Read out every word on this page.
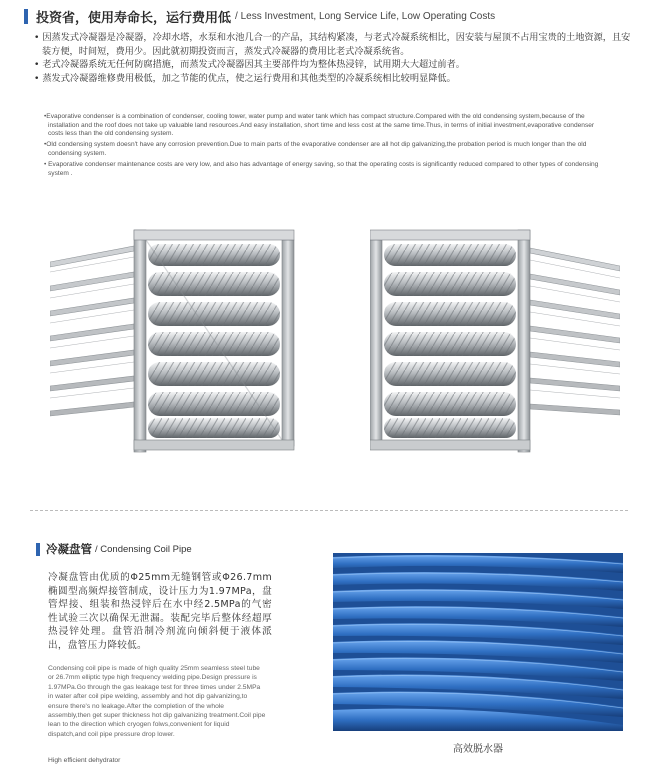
投资省，使用寿命长，运行费用低 / Less Investment, Long Service Life, Low Operating Costs

• 因蒸发式冷凝器是冷凝器，冷却水塔，水泵和水池几合一的产品，其结构紧凑，与老式冷凝系统相比，因安装与屋顶不占用宝贵的土地资源，且安装方便，时间短，费用少。因此就初期投资而言，蒸发式冷凝器的费用比老式冷凝系统省。

• 老式冷凝器系统无任何防腐措施，而蒸发式冷凝器因其主要部件均为整体热浸锌，试用期大大超过前者。

• 蒸发式冷凝器维修费用极低，加之节能的优点，使之运行费用和其他类型的冷凝系统相比较明显降低。

•Evaporative condenser is a combination of condenser, cooling tower, water pump and water tank which has compact structure.Compared with the old condensing system,because of the installation and the roof does not take up valuable land resources.And easy installation, short time and less cost at the same time.Thus, in terms of initial investment,evaporative condenser costs less than the old condensing system.

•Old condensing system doesn't have any corrosion prevention.Due to main parts of the evaporative condenser are all hot dip galvanizing,the probation period is much longer than the old condensing system.

• Evaporative condenser maintenance costs are very low, and also has advantage of energy saving, so that the operating costs is significantly reduced compared to other types of condensing system .

冷凝盘管 / Condensing Coil Pipe

冷凝盘管由优质的Φ25mm无缝钢管或Φ26.7mm椭圆型高频焊接管制成，设计压力为1.97MPa，盘管焊接、组装和热浸锌后在水中经2.5MPa的气密性试验三次以确保无泄漏。装配完毕后整体经超厚热浸锌处理。盘管沿制冷剂流向倾斜便于液体派出，盘管压力降较低。

Condensing coil pipe is made of high quality 25mm seamless steel tube or 26.7mm elliptic type high frequency welding pipe.Design pressure is 1.97MPa.Go through the gas leakage test for three times under 2.5MPa in water after coil pipe welding, assembly and hot dip galvanizing,to ensure there's no leakage.After the completion of the whole assembly,then get super thickness hot dip galvanizing treatment.Coil pipe lean to the direction which cryogen folws,convenient for liquid dispatch,and coil pipe pressure drop lower.

High efficient dehydrator
高效脱水器
